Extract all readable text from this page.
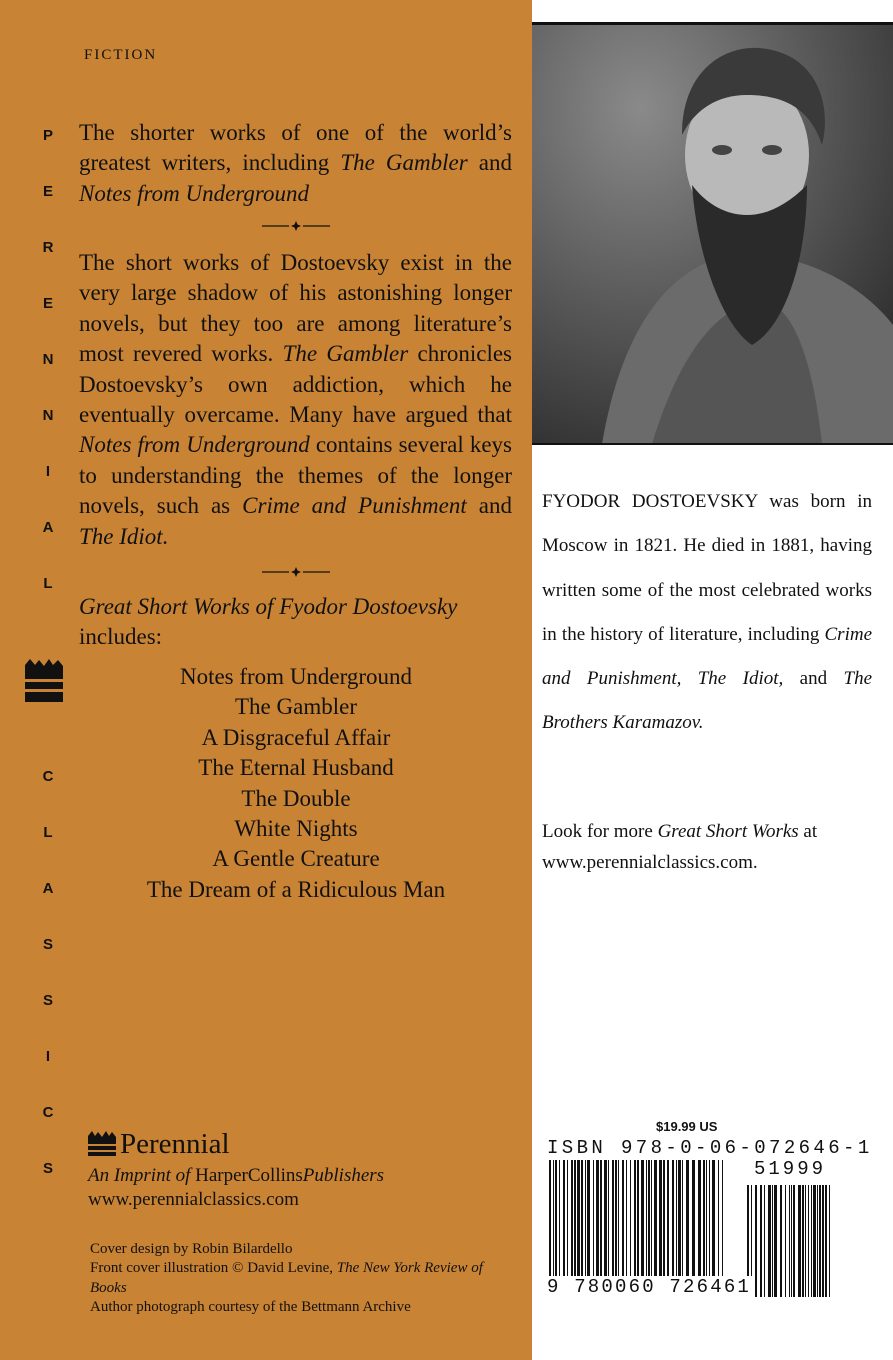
FICTION
P
E
R
E
N
N
I
A
L
C
L
A
S
S
I
C
S
The shorter works of one of the world’s greatest writers, including The Gambler and Notes from Underground
The short works of Dostoevsky exist in the very large shadow of his astonishing longer novels, but they too are among literature’s most revered works. The Gambler chronicles Dostoevsky’s own addiction, which he eventually overcame. Many have argued that Notes from Underground contains several keys to understanding the themes of the longer novels, such as Crime and Punishment and The Idiot.
Great Short Works of Fyodor Dostoevsky
includes:
Notes from Underground
The Gambler
A Disgraceful Affair
The Eternal Husband
The Double
White Nights
A Gentle Creature
The Dream of a Ridiculous Man
Perennial
An Imprint of HarperCollinsPublishers
www.perennialclassics.com
Cover design by Robin Bilardello
Front cover illustration © David Levine, The New York Review of Books
Author photograph courtesy of the Bettmann Archive
FYODOR DOSTOEVSKY was born in Moscow in 1821. He died in 1881, having written some of the most celebrated works in the history of literature, including Crime and Punishment, The Idiot, and The Brothers Karamazov.
Look for more Great Short Works at www.perennialclassics.com.
$19.99 US
ISBN 978-0-06-072646-1
51999
9 780060 726461
